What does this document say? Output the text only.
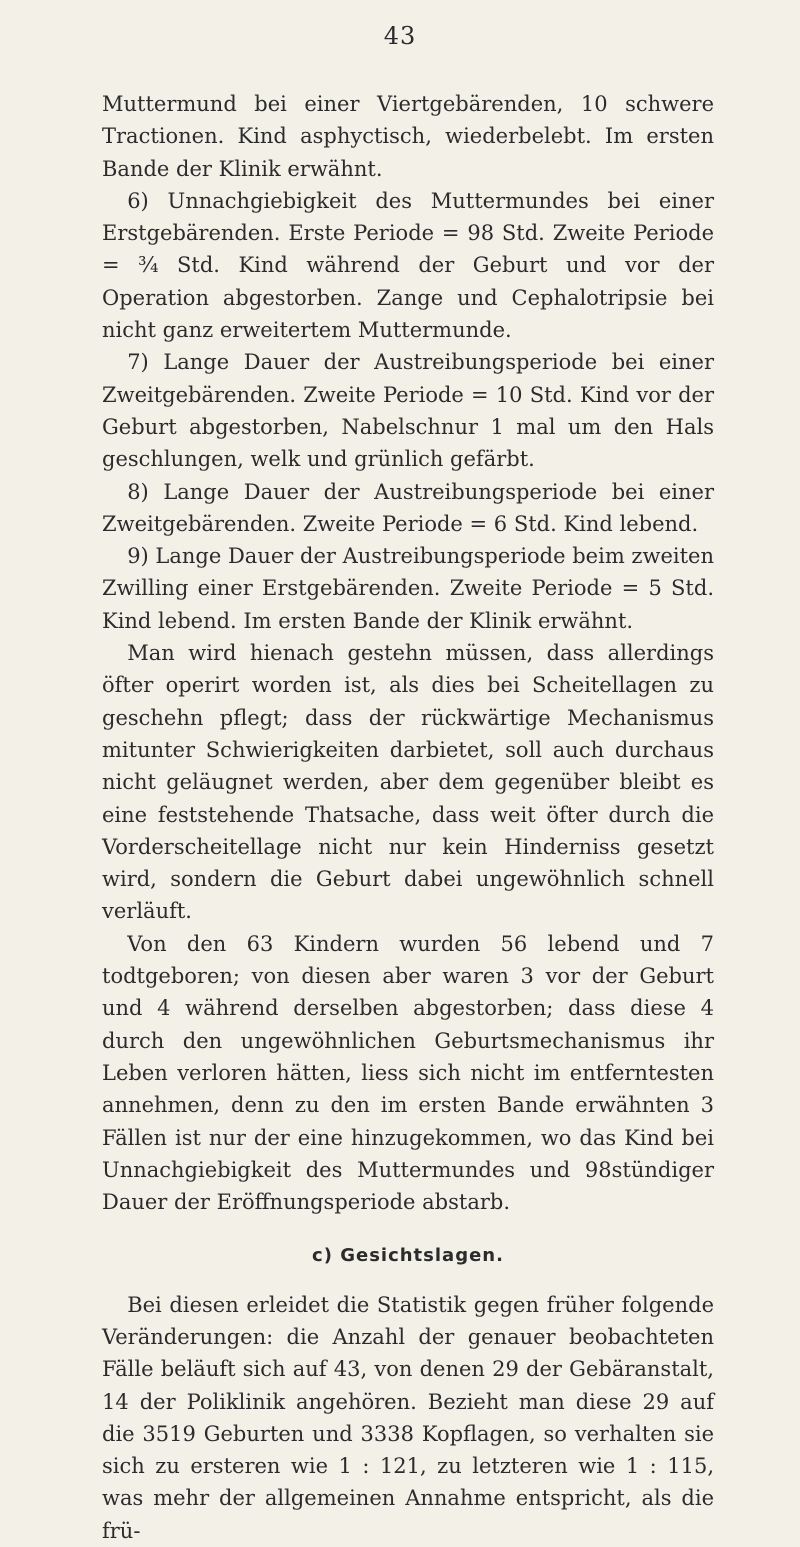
43

Muttermund bei einer Viertgebärenden, 10 schwere Tractionen. Kind asphyctisch, wiederbelebt. Im ersten Bande der Klinik erwähnt.

6) Unnachgiebigkeit des Muttermundes bei einer Erstgebärenden. Erste Periode = 98 Std. Zweite Periode = ¾ Std. Kind während der Geburt und vor der Operation abgestorben. Zange und Cephalotripsie bei nicht ganz erweitertem Muttermunde.

7) Lange Dauer der Austreibungsperiode bei einer Zweitgebärenden. Zweite Periode = 10 Std. Kind vor der Geburt abgestorben, Nabelschnur 1 mal um den Hals geschlungen, welk und grünlich gefärbt.

8) Lange Dauer der Austreibungsperiode bei einer Zweitgebärenden. Zweite Periode = 6 Std. Kind lebend.

9) Lange Dauer der Austreibungsperiode beim zweiten Zwilling einer Erstgebärenden. Zweite Periode = 5 Std. Kind lebend. Im ersten Bande der Klinik erwähnt.

Man wird hienach gestehn müssen, dass allerdings öfter operirt worden ist, als dies bei Scheitellagen zu geschehn pflegt; dass der rückwärtige Mechanismus mitunter Schwierigkeiten darbietet, soll auch durchaus nicht geläugnet werden, aber dem gegenüber bleibt es eine feststehende Thatsache, dass weit öfter durch die Vorderscheitellage nicht nur kein Hinderniss gesetzt wird, sondern die Geburt dabei ungewöhnlich schnell verläuft.

Von den 63 Kindern wurden 56 lebend und 7 todtgeboren; von diesen aber waren 3 vor der Geburt und 4 während derselben abgestorben; dass diese 4 durch den ungewöhnlichen Geburtsmechanismus ihr Leben verloren hätten, liess sich nicht im entferntesten annehmen, denn zu den im ersten Bande erwähnten 3 Fällen ist nur der eine hinzugekommen, wo das Kind bei Unnachgiebigkeit des Muttermundes und 98stündiger Dauer der Eröffnungsperiode abstarb.

c) Gesichtslagen.

Bei diesen erleidet die Statistik gegen früher folgende Veränderungen: die Anzahl der genauer beobachteten Fälle beläuft sich auf 43, von denen 29 der Gebäranstalt, 14 der Poliklinik angehören. Bezieht man diese 29 auf die 3519 Geburten und 3338 Kopflagen, so verhalten sie sich zu ersteren wie 1 : 121, zu letzteren wie 1 : 115, was mehr der allgemeinen Annahme entspricht, als die frü-
